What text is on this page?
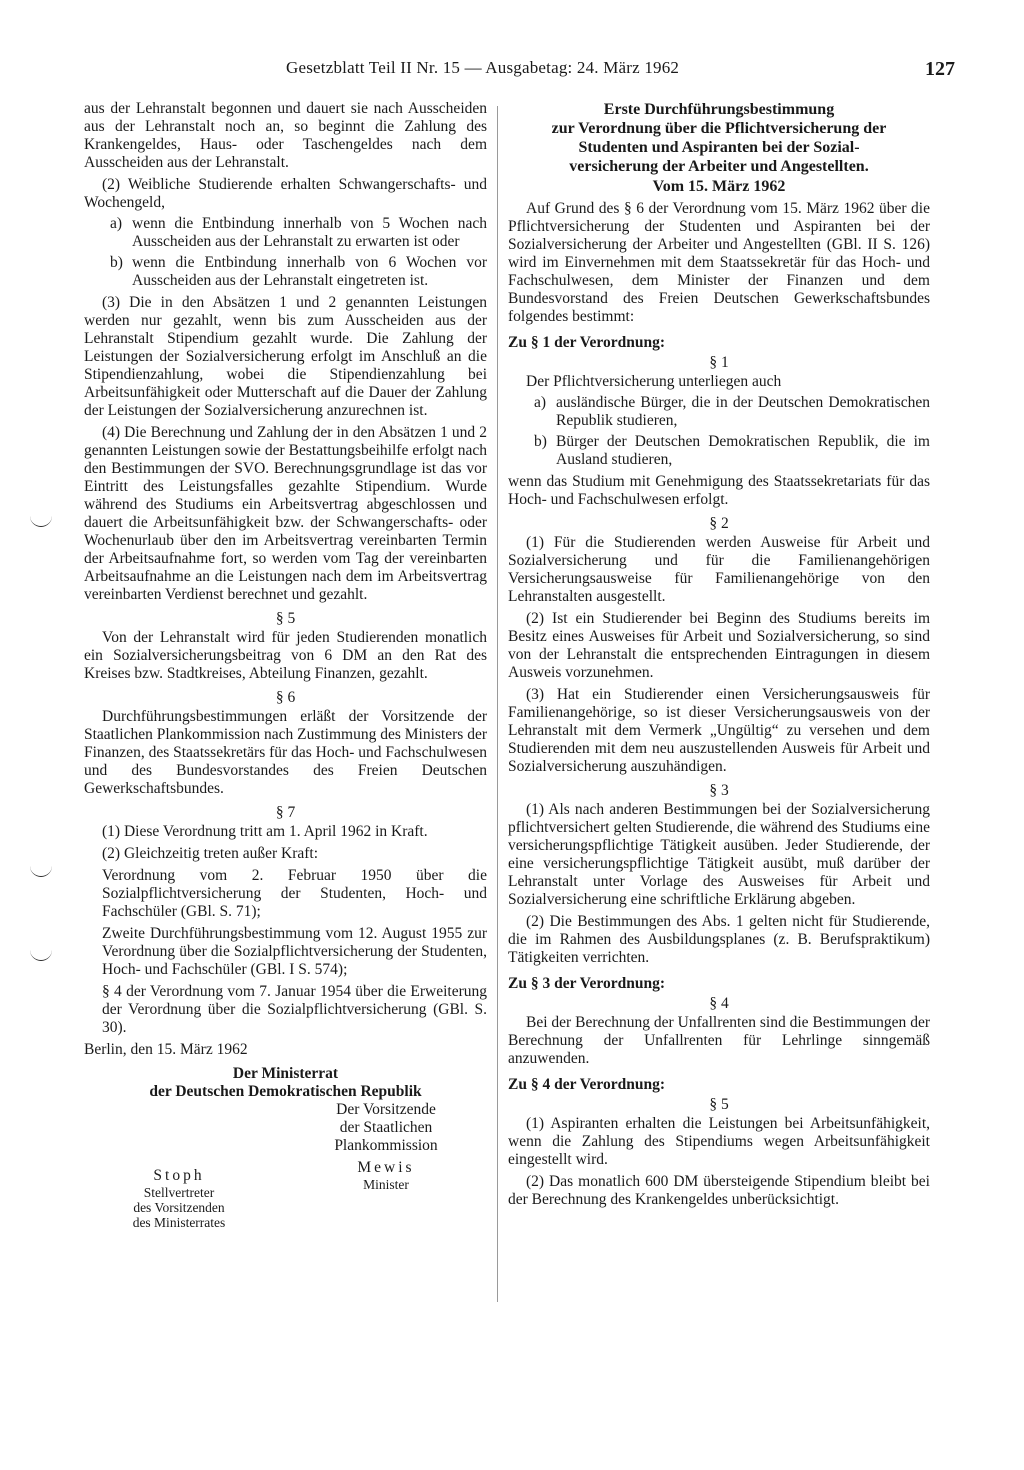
Gesetzblatt Teil II Nr. 15 — Ausgabetag: 24. März 1962	127

aus der Lehranstalt begonnen und dauert sie nach Ausscheiden aus der Lehranstalt noch an, so beginnt die Zahlung des Krankengeldes, Haus- oder Taschengeldes nach dem Ausscheiden aus der Lehranstalt.

(2) Weibliche Studierende erhalten Schwangerschafts- und Wochengeld,

a) wenn die Entbindung innerhalb von 5 Wochen nach Ausscheiden aus der Lehranstalt zu erwarten ist oder

b) wenn die Entbindung innerhalb von 6 Wochen vor Ausscheiden aus der Lehranstalt eingetreten ist.

(3) Die in den Absätzen 1 und 2 genannten Leistungen werden nur gezahlt, wenn bis zum Ausscheiden aus der Lehranstalt Stipendium gezahlt wurde. Die Zahlung der Leistungen der Sozialversicherung erfolgt im Anschluß an die Stipendienzahlung, wobei die Stipendienzahlung bei Arbeitsunfähigkeit oder Mutterschaft auf die Dauer der Zahlung der Leistungen der Sozialversicherung anzurechnen ist.

(4) Die Berechnung und Zahlung der in den Absätzen 1 und 2 genannten Leistungen sowie der Bestattungsbeihilfe erfolgt nach den Bestimmungen der SVO. Berechnungsgrundlage ist das vor Eintritt des Leistungsfalles gezahlte Stipendium. Wurde während des Studiums ein Arbeitsvertrag abgeschlossen und dauert die Arbeitsunfähigkeit bzw. der Schwangerschafts- oder Wochenurlaub über den im Arbeitsvertrag vereinbarten Termin der Arbeitsaufnahme fort, so werden vom Tag der vereinbarten Arbeitsaufnahme an die Leistungen nach dem im Arbeitsvertrag vereinbarten Verdienst berechnet und gezahlt.

§ 5

Von der Lehranstalt wird für jeden Studierenden monatlich ein Sozialversicherungsbeitrag von 6 DM an den Rat des Kreises bzw. Stadtkreises, Abteilung Finanzen, gezahlt.

§ 6

Durchführungsbestimmungen erläßt der Vorsitzende der Staatlichen Plankommission nach Zustimmung des Ministers der Finanzen, des Staatssekretärs für das Hoch- und Fachschulwesen und des Bundesvorstandes des Freien Deutschen Gewerkschaftsbundes.

§ 7

(1) Diese Verordnung tritt am 1. April 1962 in Kraft.

(2) Gleichzeitig treten außer Kraft:

Verordnung vom 2. Februar 1950 über die Sozialpflichtversicherung der Studenten, Hoch- und Fachschüler (GBl. S. 71);

Zweite Durchführungsbestimmung vom 12. August 1955 zur Verordnung über die Sozialpflichtversicherung der Studenten, Hoch- und Fachschüler (GBl. I S. 574);

§ 4 der Verordnung vom 7. Januar 1954 über die Erweiterung der Verordnung über die Sozialpflichtversicherung (GBl. S. 30).

Berlin, den 15. März 1962

Der Ministerrat

der Deutschen Demokratischen Republik

Der Vorsitzende

der Staatlichen

Plankommission

Mewis

Minister

Stoph

Stellvertreter

des Vorsitzenden

des Ministerrates

Erste Durchführungsbestimmung

zur Verordnung über die Pflichtversicherung der

Studenten und Aspiranten bei der Sozial-

versicherung der Arbeiter und Angestellten.

Vom 15. März 1962

Auf Grund des § 6 der Verordnung vom 15. März 1962 über die Pflichtversicherung der Studenten und Aspiranten bei der Sozialversicherung der Arbeiter und Angestellten (GBl. II S. 126) wird im Einvernehmen mit dem Staatssekretär für das Hoch- und Fachschulwesen, dem Minister der Finanzen und dem Bundesvorstand des Freien Deutschen Gewerkschaftsbundes folgendes bestimmt:

Zu § 1 der Verordnung:

§ 1

Der Pflichtversicherung unterliegen auch

a) ausländische Bürger, die in der Deutschen Demokratischen Republik studieren,

b) Bürger der Deutschen Demokratischen Republik, die im Ausland studieren,

wenn das Studium mit Genehmigung des Staatssekretariats für das Hoch- und Fachschulwesen erfolgt.

§ 2

(1) Für die Studierenden werden Ausweise für Arbeit und Sozialversicherung und für die Familienangehörigen Versicherungsausweise für Familienangehörige von den Lehranstalten ausgestellt.

(2) Ist ein Studierender bei Beginn des Studiums bereits im Besitz eines Ausweises für Arbeit und Sozialversicherung, so sind von der Lehranstalt die entsprechenden Eintragungen in diesem Ausweis vorzunehmen.

(3) Hat ein Studierender einen Versicherungsausweis für Familienangehörige, so ist dieser Versicherungsausweis von der Lehranstalt mit dem Vermerk „Ungültig“ zu versehen und dem Studierenden mit dem neu auszustellenden Ausweis für Arbeit und Sozialversicherung auszuhändigen.

§ 3

(1) Als nach anderen Bestimmungen bei der Sozialversicherung pflichtversichert gelten Studierende, die während des Studiums eine versicherungspflichtige Tätigkeit ausüben. Jeder Studierende, der eine versicherungspflichtige Tätigkeit ausübt, muß darüber der Lehranstalt unter Vorlage des Ausweises für Arbeit und Sozialversicherung eine schriftliche Erklärung abgeben.

(2) Die Bestimmungen des Abs. 1 gelten nicht für Studierende, die im Rahmen des Ausbildungsplanes (z. B. Berufspraktikum) Tätigkeiten verrichten.

Zu § 3 der Verordnung:

§ 4

Bei der Berechnung der Unfallrenten sind die Bestimmungen der Berechnung der Unfallrenten für Lehrlinge sinngemäß anzuwenden.

Zu § 4 der Verordnung:

§ 5

(1) Aspiranten erhalten die Leistungen bei Arbeitsunfähigkeit, wenn die Zahlung des Stipendiums wegen Arbeitsunfähigkeit eingestellt wird.

(2) Das monatlich 600 DM übersteigende Stipendium bleibt bei der Berechnung des Krankengeldes unberücksichtigt.
